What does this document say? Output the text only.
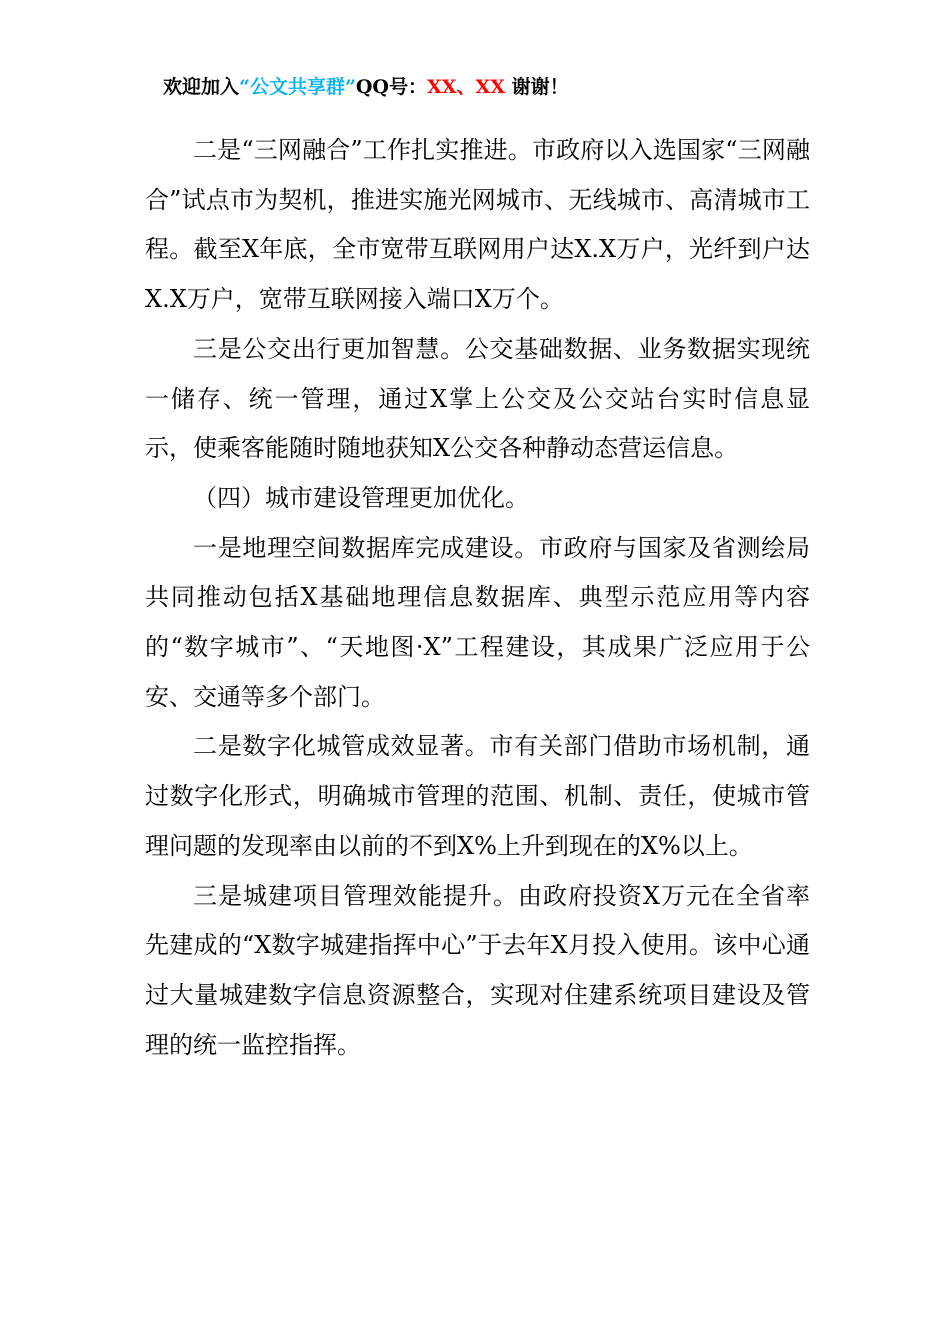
欢迎加入“公文共享群”QQ号：XX、XX 谢谢！

二是“三网融合”工作扎实推进。市政府以入选国家“三网融合”试点市为契机，推进实施光网城市、无线城市、高清城市工程。截至X年底，全市宽带互联网用户达X.X万户，光纤到户达X.X万户，宽带互联网接入端口X万个。

三是公交出行更加智慧。公交基础数据、业务数据实现统一储存、统一管理，通过X掌上公交及公交站台实时信息显示，使乘客能随时随地获知X公交各种静动态营运信息。

（四）城市建设管理更加优化。

一是地理空间数据库完成建设。市政府与国家及省测绘局共同推动包括X基础地理信息数据库、典型示范应用等内容的“数字城市”、“天地图·X”工程建设，其成果广泛应用于公安、交通等多个部门。

二是数字化城管成效显著。市有关部门借助市场机制，通过数字化形式，明确城市管理的范围、机制、责任，使城市管理问题的发现率由以前的不到X%上升到现在的X%以上。

三是城建项目管理效能提升。由政府投资X万元在全省率先建成的“X数字城建指挥中心”于去年X月投入使用。该中心通过大量城建数字信息资源整合，实现对住建系统项目建设及管理的统一监控指挥。
